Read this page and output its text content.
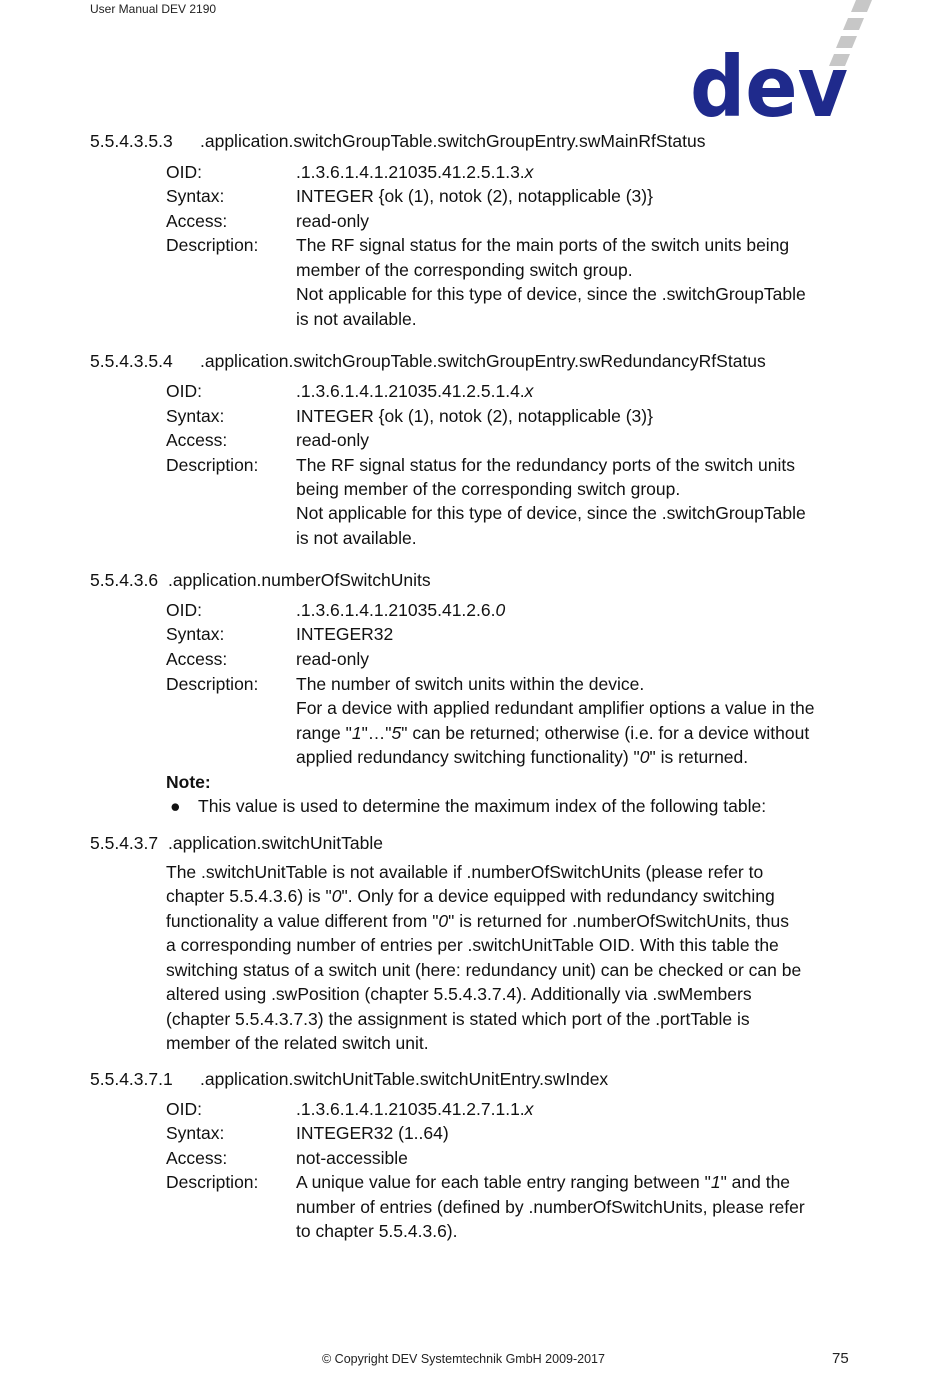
User Manual DEV 2190
dev
5.5.4.3.5.3 .application.switchGroupTable.switchGroupEntry.swMainRfStatus
OID:	.1.3.6.1.4.1.21035.41.2.5.1.3.x
Syntax:	INTEGER {ok (1), notok (2), notapplicable (3)}
Access:	read-only
Description: The RF signal status for the main ports of the switch units being
member of the corresponding switch group.
Not applicable for this type of device, since the .switchGroupTable
is not available.
5.5.4.3.5.4 .application.switchGroupTable.switchGroupEntry.swRedundancyRfStatus
OID:	.1.3.6.1.4.1.21035.41.2.5.1.4.x
Syntax:	INTEGER {ok (1), notok (2), notapplicable (3)}
Access:	read-only
Description: The RF signal status for the redundancy ports of the switch units
being member of the corresponding switch group.
Not applicable for this type of device, since the .switchGroupTable
is not available.
5.5.4.3.6 .application.numberOfSwitchUnits
OID:	.1.3.6.1.4.1.21035.41.2.6.0
Syntax:	INTEGER32
Access:	read-only
Description: The number of switch units within the device.
For a device with applied redundant amplifier options a value in the
range "1"…"5" can be returned; otherwise (i.e. for a device without
applied redundancy switching functionality) "0" is returned.
Note:
● This value is used to determine the maximum index of the following table:
5.5.4.3.7 .application.switchUnitTable
The .switchUnitTable is not available if .numberOfSwitchUnits (please refer to
chapter 5.5.4.3.6) is "0". Only for a device equipped with redundancy switching
functionality a value different from "0" is returned for .numberOfSwitchUnits, thus
a corresponding number of entries per .switchUnitTable OID. With this table the
switching status of a switch unit (here: redundancy unit) can be checked or can be
altered using .swPosition (chapter 5.5.4.3.7.4). Additionally via .swMembers
(chapter 5.5.4.3.7.3) the assignment is stated which port of the .portTable is
member of the related switch unit.
5.5.4.3.7.1 .application.switchUnitTable.switchUnitEntry.swIndex
OID:	.1.3.6.1.4.1.21035.41.2.7.1.1.x
Syntax:	INTEGER32 (1..64)
Access:	not-accessible
Description: A unique value for each table entry ranging between "1" and the
number of entries (defined by .numberOfSwitchUnits, please refer
to chapter 5.5.4.3.6).
© Copyright DEV Systemtechnik GmbH 2009-2017	75
